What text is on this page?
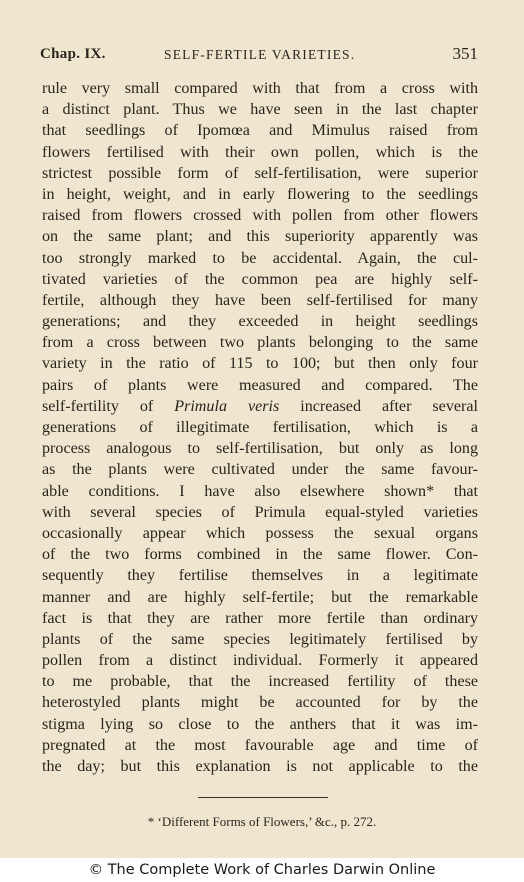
Chap. IX.	SELF-FERTILE VARIETIES.	351
rule very small compared with that from a cross with
a distinct plant. Thus we have seen in the last chapter
that seedlings of Ipomœa and Mimulus raised from
flowers fertilised with their own pollen, which is the
strictest possible form of self-fertilisation, were superior
in height, weight, and in early flowering to the seedlings
raised from flowers crossed with pollen from other flowers
on the same plant; and this superiority apparently was
too strongly marked to be accidental. Again, the cul-
tivated varieties of the common pea are highly self-
fertile, although they have been self-fertilised for many
generations; and they exceeded in height seedlings
from a cross between two plants belonging to the same
variety in the ratio of 115 to 100; but then only four
pairs of plants were measured and compared. The
self-fertility of Primula veris increased after several
generations of illegitimate fertilisation, which is a
process analogous to self-fertilisation, but only as long
as the plants were cultivated under the same favour-
able conditions. I have also elsewhere shown* that
with several species of Primula equal-styled varieties
occasionally appear which possess the sexual organs
of the two forms combined in the same flower. Con-
sequently they fertilise themselves in a legitimate
manner and are highly self-fertile; but the remarkable
fact is that they are rather more fertile than ordinary
plants of the same species legitimately fertilised by
pollen from a distinct individual. Formerly it appeared
to me probable, that the increased fertility of these
heterostyled plants might be accounted for by the
stigma lying so close to the anthers that it was im-
pregnated at the most favourable age and time of
the day; but this explanation is not applicable to the
* ‘Different Forms of Flowers,’ &c., p. 272.
© The Complete Work of Charles Darwin Online
